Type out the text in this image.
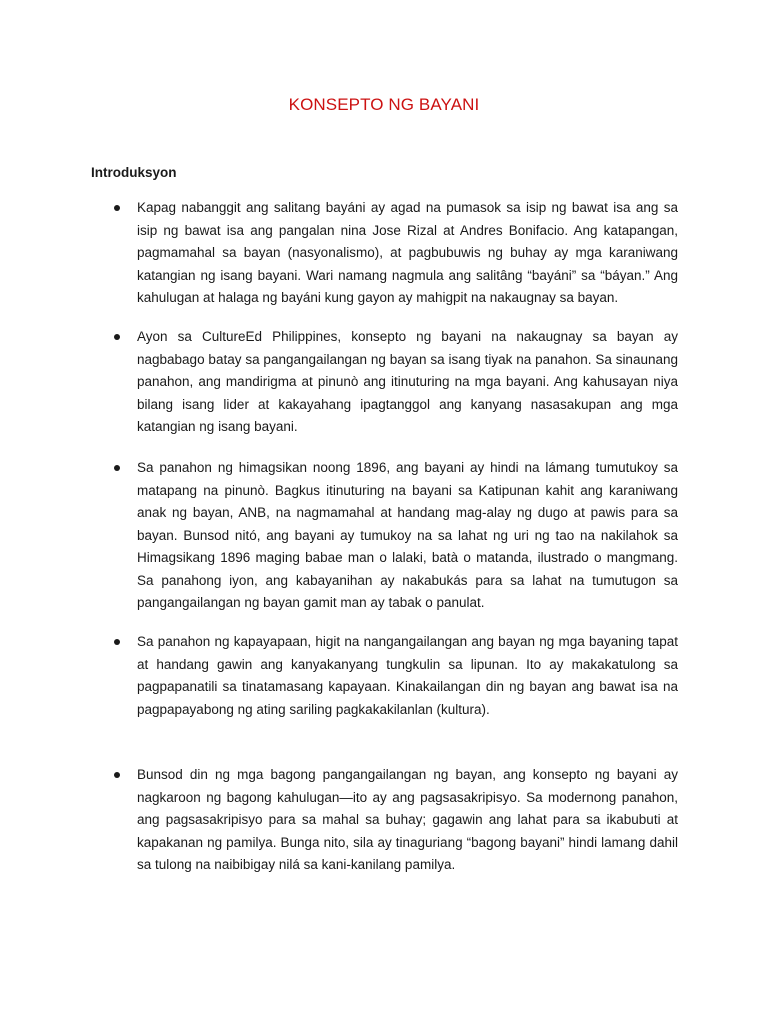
KONSEPTO NG BAYANI
Introduksyon

Kapag nabanggit ang salitang bayáni ay agad na pumasok sa isip ng bawat isa ang sa isip ng bawat isa ang pangalan nina Jose Rizal at Andres Bonifacio. Ang katapangan, pagmamahal sa bayan (nasyonalismo), at pagbubuwis ng buhay ay mga karaniwang katangian ng isang bayani. Wari namang nagmula ang salitâng “bayáni” sa “báyan.” Ang kahulugan at halaga ng bayáni kung gayon ay mahigpit na nakaugnay sa bayan.

Ayon sa CultureEd Philippines, konsepto ng bayani na nakaugnay sa bayan ay nagbabago batay sa pangangailangan ng bayan sa isang tiyak na panahon. Sa sinaunang panahon, ang mandirigma at pinunò ang itinuturing na mga bayani. Ang kahusayan niya bilang isang lider at kakayahang ipagtanggol ang kanyang nasasakupan ang mga katangian ng isang bayani.

Sa panahon ng himagsikan noong 1896, ang bayani ay hindi na lámang tumutukoy sa matapang na pinunò. Bagkus itinuturing na bayani sa Katipunan kahit ang karaniwang anak ng bayan, ANB, na nagmamahal at handang mag-alay ng dugo at pawis para sa bayan. Bunsod nitó, ang bayani ay tumukoy na sa lahat ng uri ng tao na nakilahok sa Himagsikang 1896 maging babae man o lalaki, batà o matanda, ilustrado o mangmang. Sa panahong iyon, ang kabayanihan ay nakabukás para sa lahat na tumutugon sa pangangailangan ng bayan gamit man ay tabak o panulat.

Sa panahon ng kapayapaan, higit na nangangailangan ang bayan ng mga bayaning tapat at handang gawin ang kanyakanyang tungkulin sa lipunan. Ito ay makakatulong sa pagpapanatili sa tinatamasang kapayaan. Kinakailangan din ng bayan ang bawat isa na pagpapayabong ng ating sariling pagkakakilanlan (kultura).

Bunsod din ng mga bagong pangangailangan ng bayan, ang konsepto ng bayani ay nagkaroon ng bagong kahulugan—ito ay ang pagsasakripisyo. Sa modernong panahon, ang pagsasakripisyo para sa mahal sa buhay; gagawin ang lahat para sa ikabubuti at kapakanan ng pamilya. Bunga nito, sila ay tinaguriang “bagong bayani” hindi lamang dahil sa tulong na naibibigay nilá sa kani-kanilang pamilya.
